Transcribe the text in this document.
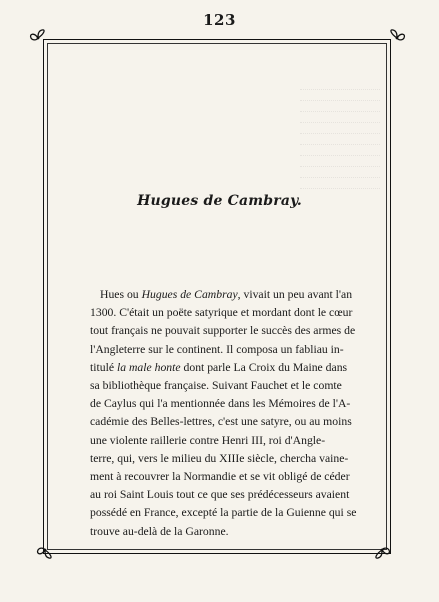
123
Hugues de Cambray.
Hues ou Hugues de Cambray, vivait un peu avant l'an
1300. C'était un poëte satyrique et mordant dont le cœur
tout français ne pouvait supporter le succès des armes de
l'Angleterre sur le continent. Il composa un fabliau in-
titulé la male honte dont parle La Croix du Maine dans
sa bibliothèque française. Suivant Fauchet et le comte
de Caylus qui l'a mentionnée dans les Mémoires de l'A-
cadémie des Belles-lettres, c'est une satyre, ou au moins
une violente raillerie contre Henri III, roi d'Angle-
terre, qui, vers le milieu du XIIIe siècle, chercha vaine-
ment à recouvrer la Normandie et se vit obligé de céder
au roi Saint Louis tout ce que ses prédécesseurs avaient
possédé en France, excepté la partie de la Guienne qui se
trouve au-delà de la Garonne.
